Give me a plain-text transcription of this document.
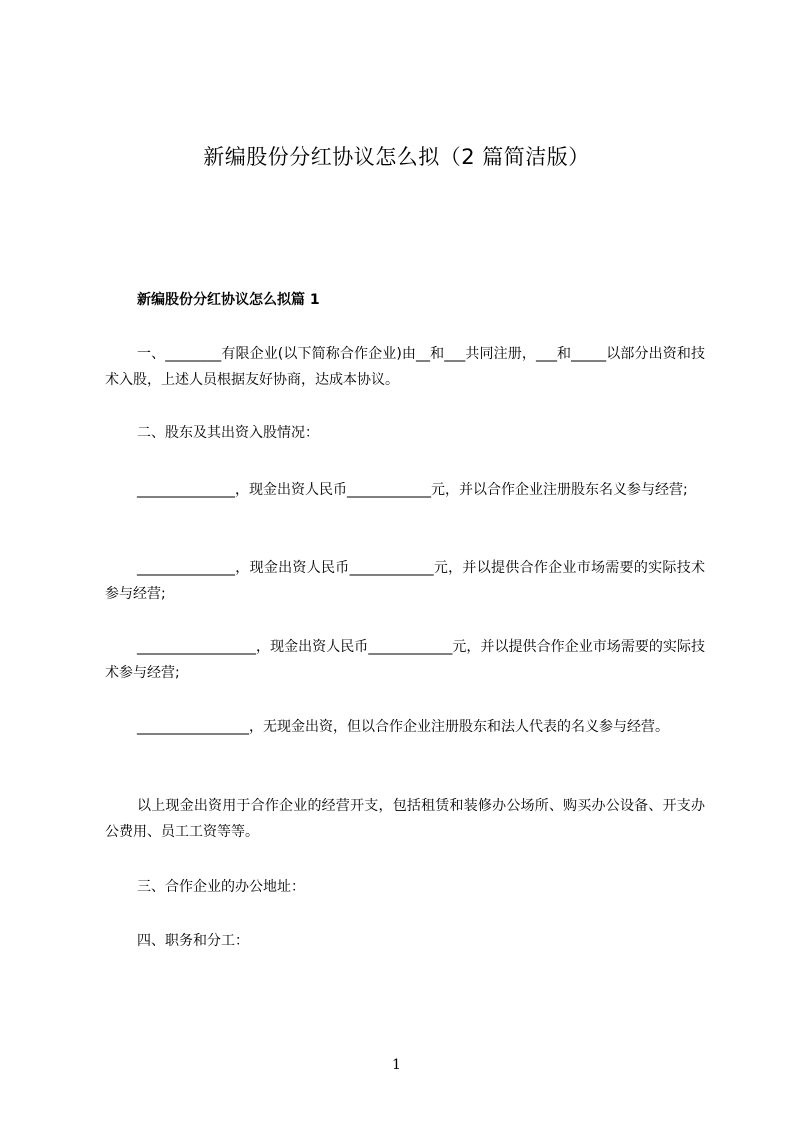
新编股份分红协议怎么拟（2 篇简洁版）
新编股份分红协议怎么拟篇 1
一、________有限企业(以下简称合作企业)由__和___共同注册，___和_____以部分出资和技术入股，上述人员根据友好协商，达成本协议。
二、股东及其出资入股情况：
______________，现金出资人民币____________元，并以合作企业注册股东名义参与经营;
______________，现金出资人民币____________元，并以提供合作企业市场需要的实际技术参与经营;
_________________，现金出资人民币____________元，并以提供合作企业市场需要的实际技术参与经营;
________________，无现金出资，但以合作企业注册股东和法人代表的名义参与经营。
以上现金出资用于合作企业的经营开支，包括租赁和装修办公场所、购买办公设备、开支办公费用、员工工资等等。
三、合作企业的办公地址：
四、职务和分工：
1
